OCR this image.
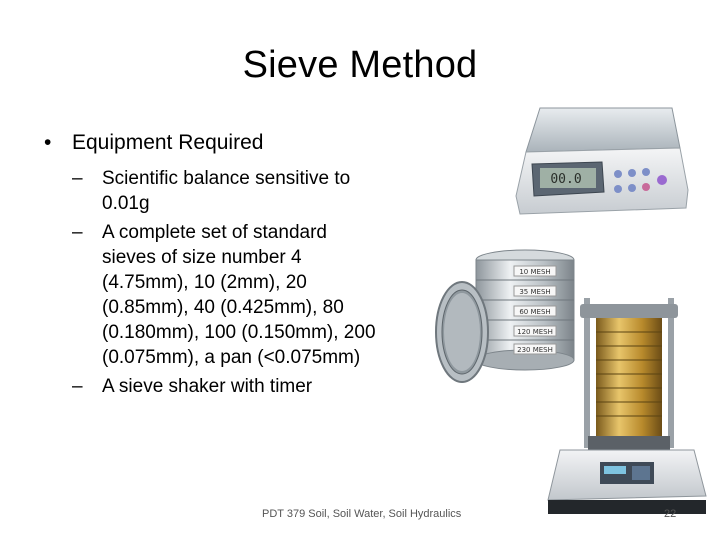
Sieve Method
• Equipment Required
– Scientific balance sensitive to 0.01g
– A complete set of standard sieves of size number 4 (4.75mm), 10 (2mm), 20 (0.85mm), 40 (0.425mm), 80 (0.180mm), 100 (0.150mm), 200 (0.075mm), a pan (<0.075mm)
– A sieve shaker with timer
00.0
10 MESH
35 MESH
60 MESH
120 MESH
230 MESH
PDT 379 Soil, Soil Water, Soil Hydraulics	22
